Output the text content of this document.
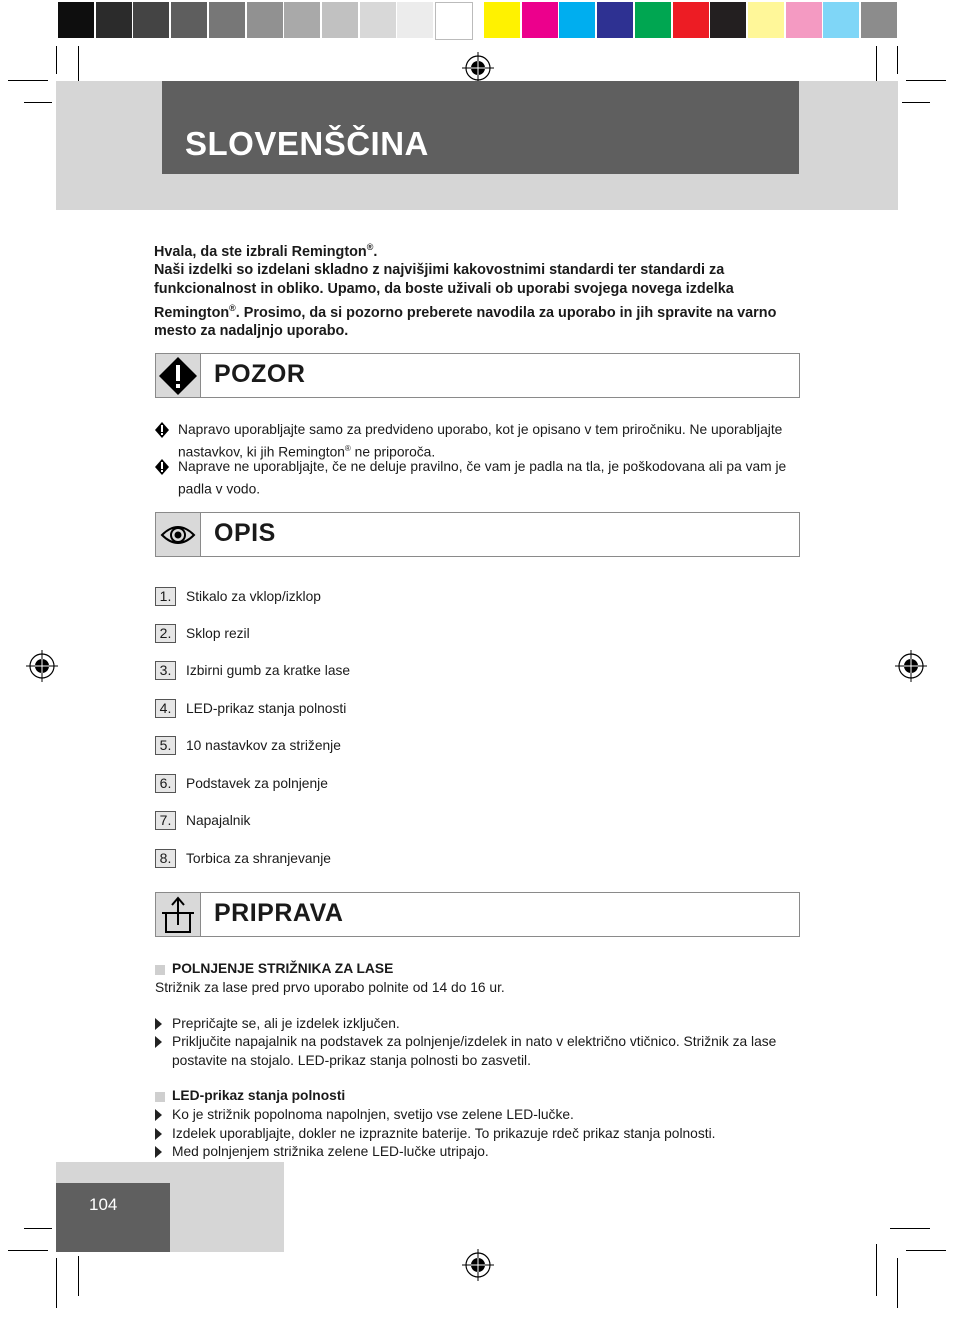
SLOVENŠČINA
Hvala, da ste izbrali Remington®.
Naši izdelki so izdelani skladno z najvišjimi kakovostnimi standardi ter standardi za funkcionalnost in obliko. Upamo, da boste uživali ob uporabi svojega novega izdelka Remington®. Prosimo, da si pozorno preberete navodila za uporabo in jih spravite na varno mesto za nadaljnjo uporabo.
POZOR
Napravo uporabljajte samo za predvideno uporabo, kot je opisano v tem priročniku. Ne uporabljajte nastavkov, ki jih Remington® ne priporoča.
Naprave ne uporabljajte, če ne deluje pravilno, če vam je padla na tla, je poškodovana ali pa vam je padla v vodo.
OPIS
1.	Stikalo za vklop/izklop
2.	Sklop rezil
3.	Izbirni gumb za kratke lase
4.	LED-prikaz stanja polnosti
5.	10 nastavkov za striženje
6.	Podstavek za polnjenje
7.	Napajalnik
8.	Torbica za shranjevanje
PRIPRAVA
POLNJENJE STRIŽNIKA ZA LASE
Strižnik za lase pred prvo uporabo polnite od 14 do 16 ur.
Prepričajte se, ali je izdelek izključen.
Priključite napajalnik na podstavek za polnjenje/izdelek in nato v električno vtičnico. Strižnik za lase postavite na stojalo. LED-prikaz stanja polnosti bo zasvetil.
LED-prikaz stanja polnosti
Ko je strižnik popolnoma napolnjen, svetijo vse zelene LED-lučke.
Izdelek uporabljajte, dokler ne izpraznite baterije. To prikazuje rdeč prikaz stanja polnosti.
Med polnjenjem strižnika zelene LED-lučke utripajo.
104
